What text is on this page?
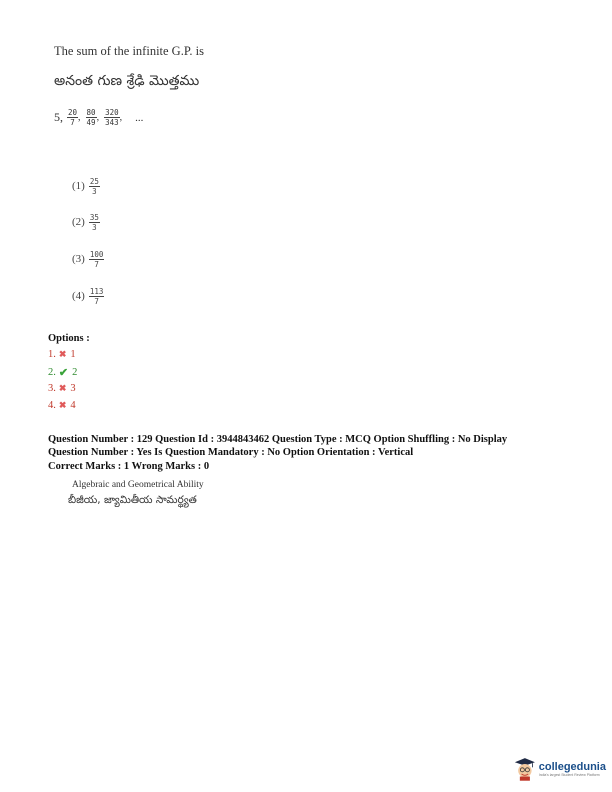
The sum of the infinite G.P. is
అనంత గుణ శ్రేఢి మొత్తము
5, $\frac{20}{7}$ , $\frac{80}{49}$ , $\frac{320}{343}$ , ...
$(1) \frac{25}{3}$
$(2) \frac{35}{3}$
$(3) \frac{100}{7}$
$(4) \frac{113}{7}$
Options :
1. ✖ 1
2. ✔ 2
3. ✖ 3
4. ✖ 4
Question Number : 129 Question Id : 3944843462 Question Type : MCQ Option Shuffling : No Display
Question Number : Yes Is Question Mandatory : No Option Orientation : Vertical
Correct Marks : 1 Wrong Marks : 0
Algebraic and Geometrical Ability
బీజీయ, జ్యామితీయ సామర్థ్యత
collegedunia
India's largest Student Review Platform
